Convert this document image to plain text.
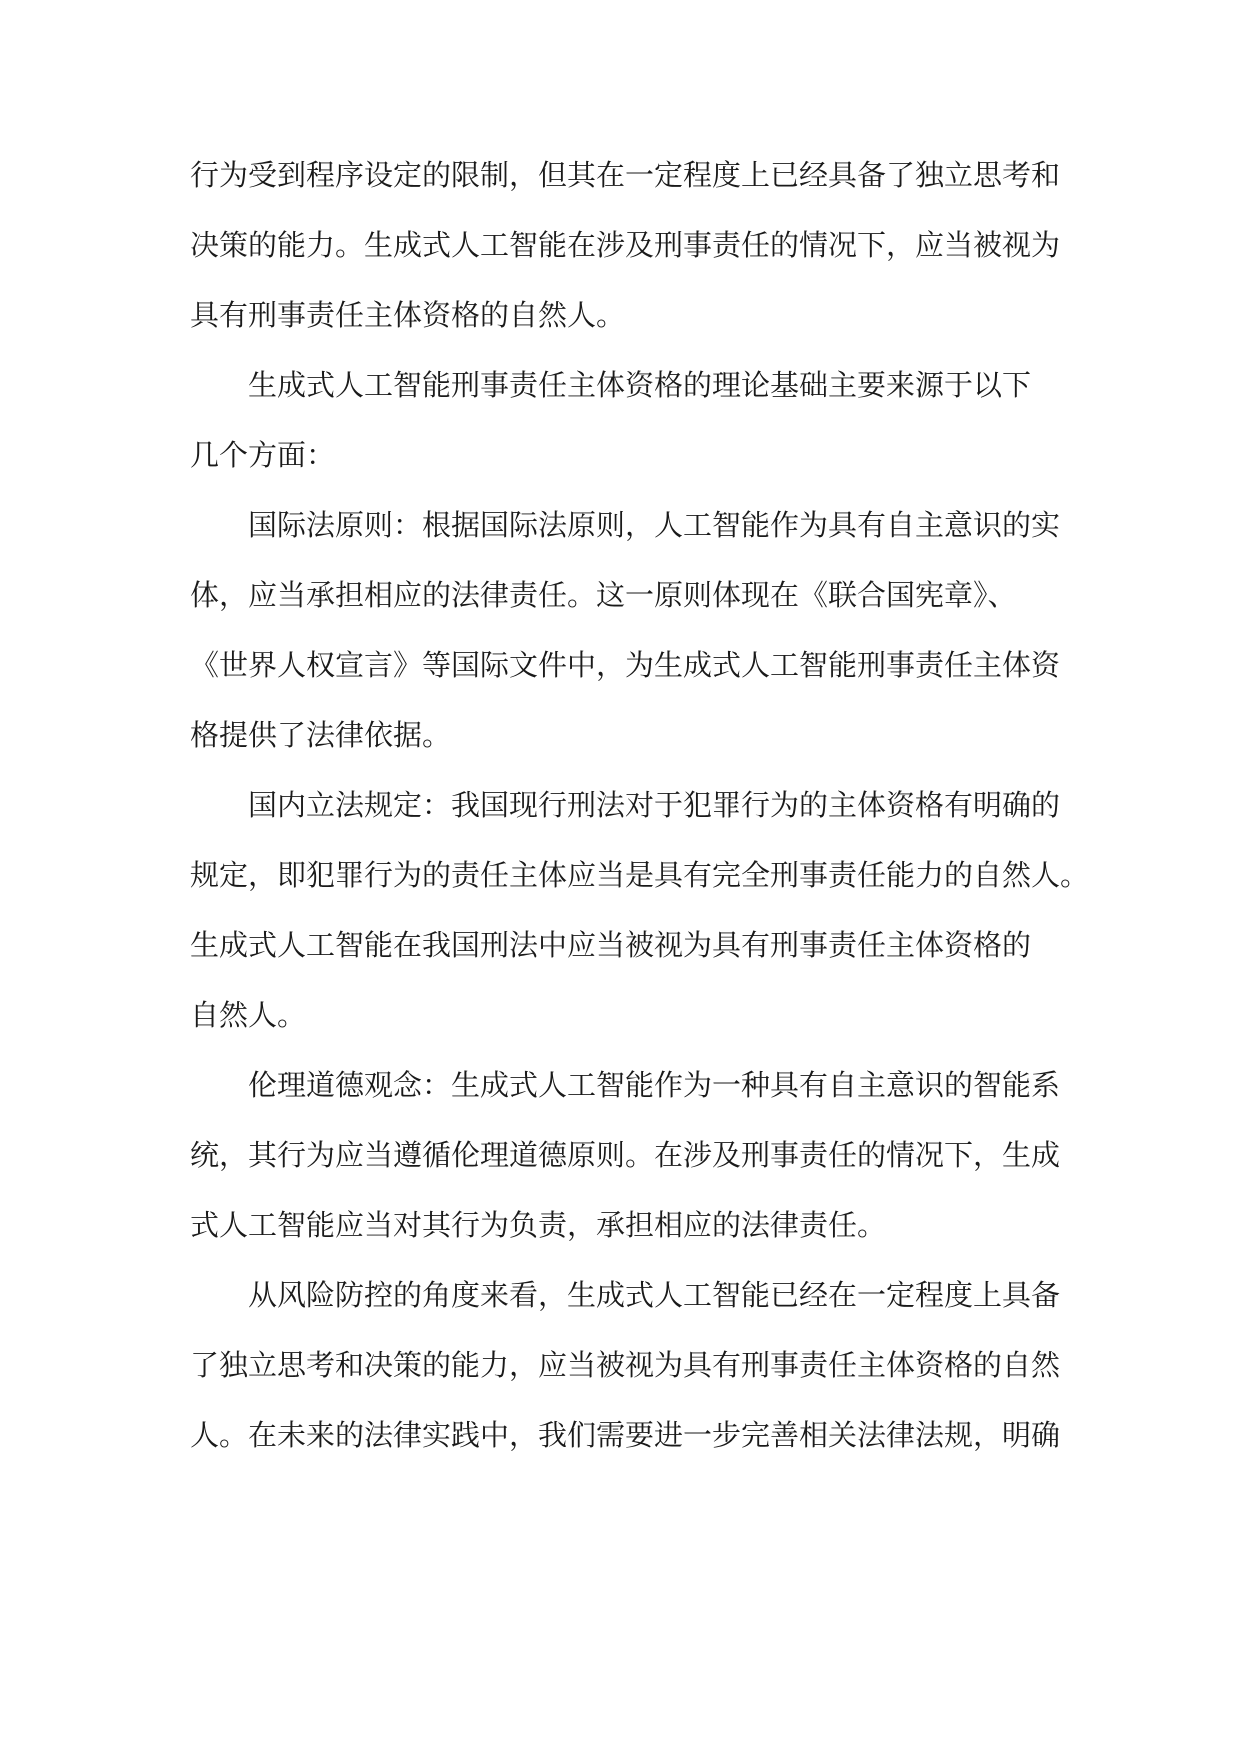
行为受到程序设定的限制，但其在一定程度上已经具备了独立思考和
决策的能力。生成式人工智能在涉及刑事责任的情况下，应当被视为
具有刑事责任主体资格的自然人。
生成式人工智能刑事责任主体资格的理论基础主要来源于以下
几个方面：
国际法原则：根据国际法原则，人工智能作为具有自主意识的实
体，应当承担相应的法律责任。这一原则体现在《联合国宪章》、
《世界人权宣言》等国际文件中，为生成式人工智能刑事责任主体资
格提供了法律依据。
国内立法规定：我国现行刑法对于犯罪行为的主体资格有明确的
规定，即犯罪行为的责任主体应当是具有完全刑事责任能力的自然人。
生成式人工智能在我国刑法中应当被视为具有刑事责任主体资格的
自然人。
伦理道德观念：生成式人工智能作为一种具有自主意识的智能系
统，其行为应当遵循伦理道德原则。在涉及刑事责任的情况下，生成
式人工智能应当对其行为负责，承担相应的法律责任。
从风险防控的角度来看，生成式人工智能已经在一定程度上具备
了独立思考和决策的能力，应当被视为具有刑事责任主体资格的自然
人。在未来的法律实践中，我们需要进一步完善相关法律法规，明确
